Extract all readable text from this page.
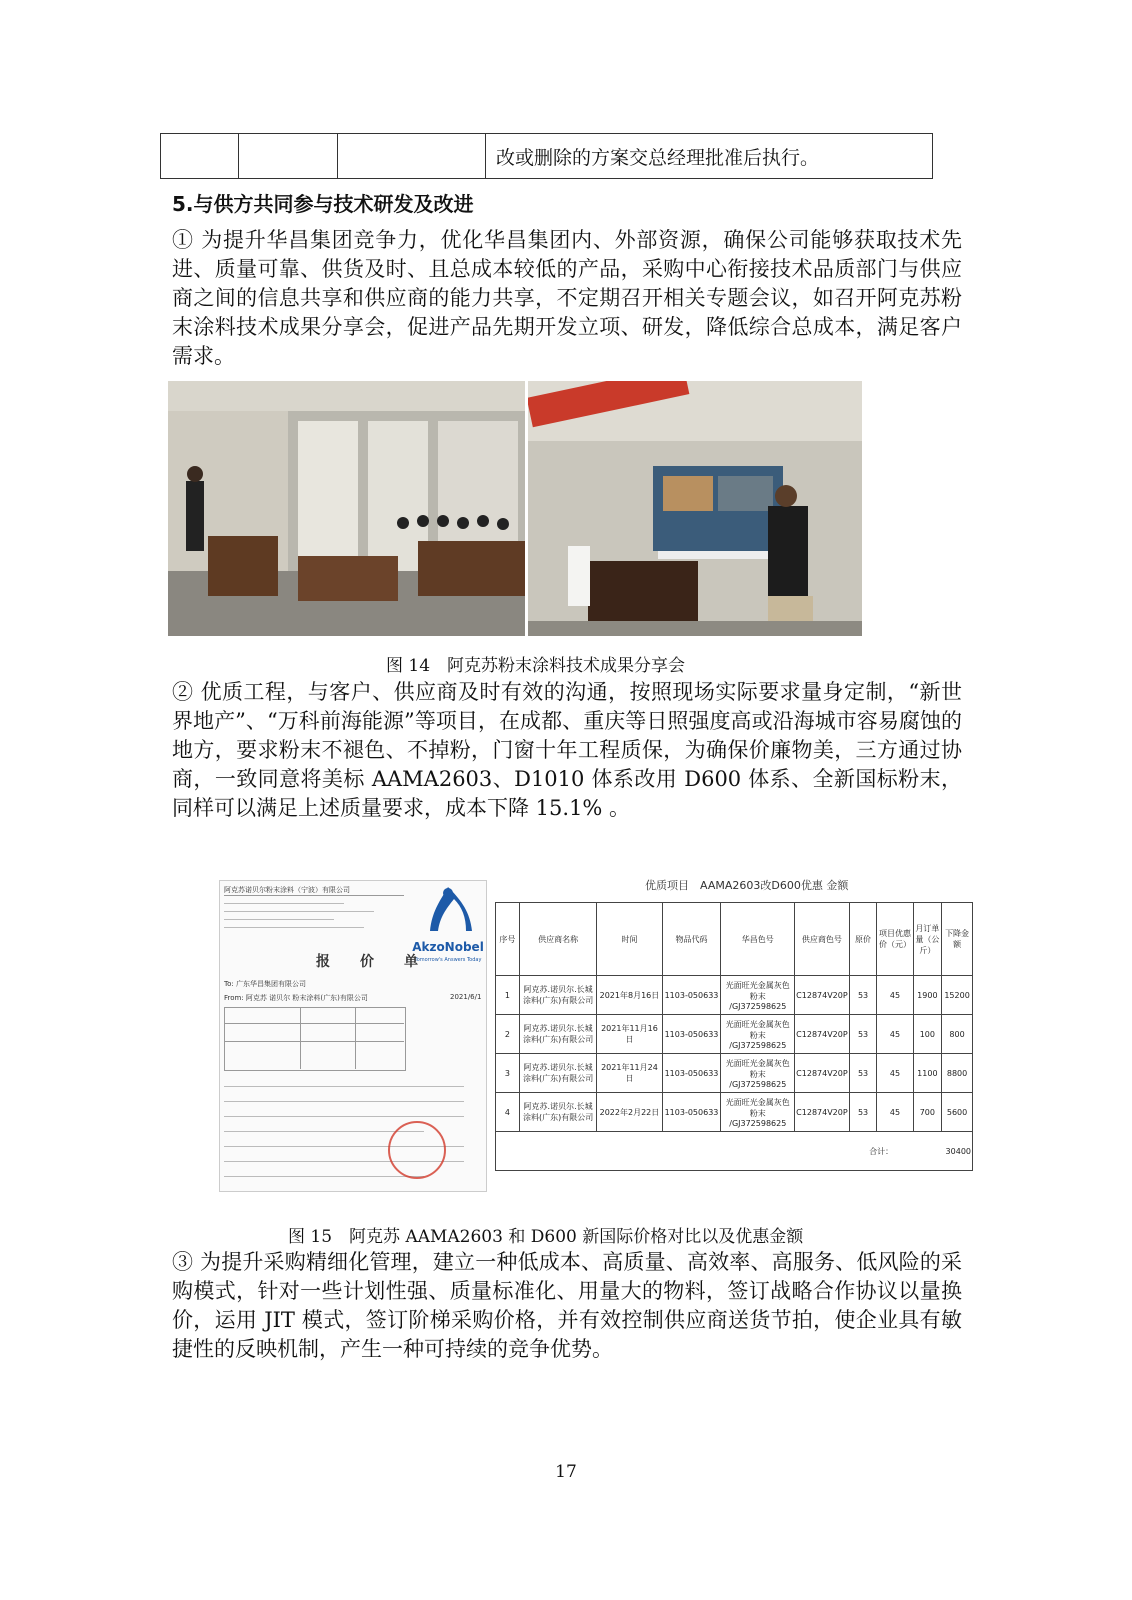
			改或删除的方案交总经理批准后执行。
5.与供方共同参与技术研发及改进

① 为提升华昌集团竞争力，优化华昌集团内、外部资源，确保公司能够获取技术先进、质量可靠、供货及时、且总成本较低的产品，采购中心衔接技术品质部门与供应商之间的信息共享和供应商的能力共享，不定期召开相关专题会议，如召开阿克苏粉末涂料技术成果分享会，促进产品先期开发立项、研发，降低综合总成本，满足客户需求。

图 14　阿克苏粉末涂料技术成果分享会

② 优质工程，与客户、供应商及时有效的沟通，按照现场实际要求量身定制，“新世界地产”、“万科前海能源”等项目，在成都、重庆等日照强度高或沿海城市容易腐蚀的地方，要求粉末不褪色、不掉粉，门窗十年工程质保，为确保价廉物美，三方通过协商，一致同意将美标 AAMA2603、D1010 体系改用 D600 体系、全新国标粉末，同样可以满足上述质量要求，成本下降 15.1% 。

阿克苏诺贝尔粉末涂料（宁波）有限公司
AkzoNobel
Tomorrow's Answers Today
报　价　单
To: 广东华昌集团有限公司
From: 阿克苏 诺贝尔 粉末涂料(广东)有限公司	2021/6/1
优质项目　AAMA2603改D600优惠 金额
序号	供应商名称	时间	物品代码	华昌色号	供应商色号	原价	项目优惠价（元）	月订单量（公斤）	下降金额
1	阿克苏.诺贝尔.长城涂料(广东)有限公司	2021年8月16日	1103-050633	光面旺光金属灰色粉末 /GJ372598625	C12874V20P	53	45	1900	15200
2	阿克苏.诺贝尔.长城涂料(广东)有限公司	2021年11月16日	1103-050633	光面旺光金属灰色粉末 /GJ372598625	C12874V20P	53	45	100	800
3	阿克苏.诺贝尔.长城涂料(广东)有限公司	2021年11月24日	1103-050633	光面旺光金属灰色粉末 /GJ372598625	C12874V20P	53	45	1100	8800
4	阿克苏.诺贝尔.长城涂料(广东)有限公司	2022年2月22日	1103-050633	光面旺光金属灰色粉末 /GJ372598625	C12874V20P	53	45	700	5600
合计：								30400	
图 15　阿克苏 AAMA2603 和 D600 新国际价格对比以及优惠金额

③ 为提升采购精细化管理，建立一种低成本、高质量、高效率、高服务、低风险的采购模式，针对一些计划性强、质量标准化、用量大的物料，签订战略合作协议以量换价，运用 JIT 模式，签订阶梯采购价格，并有效控制供应商送货节拍，使企业具有敏捷性的反映机制，产生一种可持续的竞争优势。

17
